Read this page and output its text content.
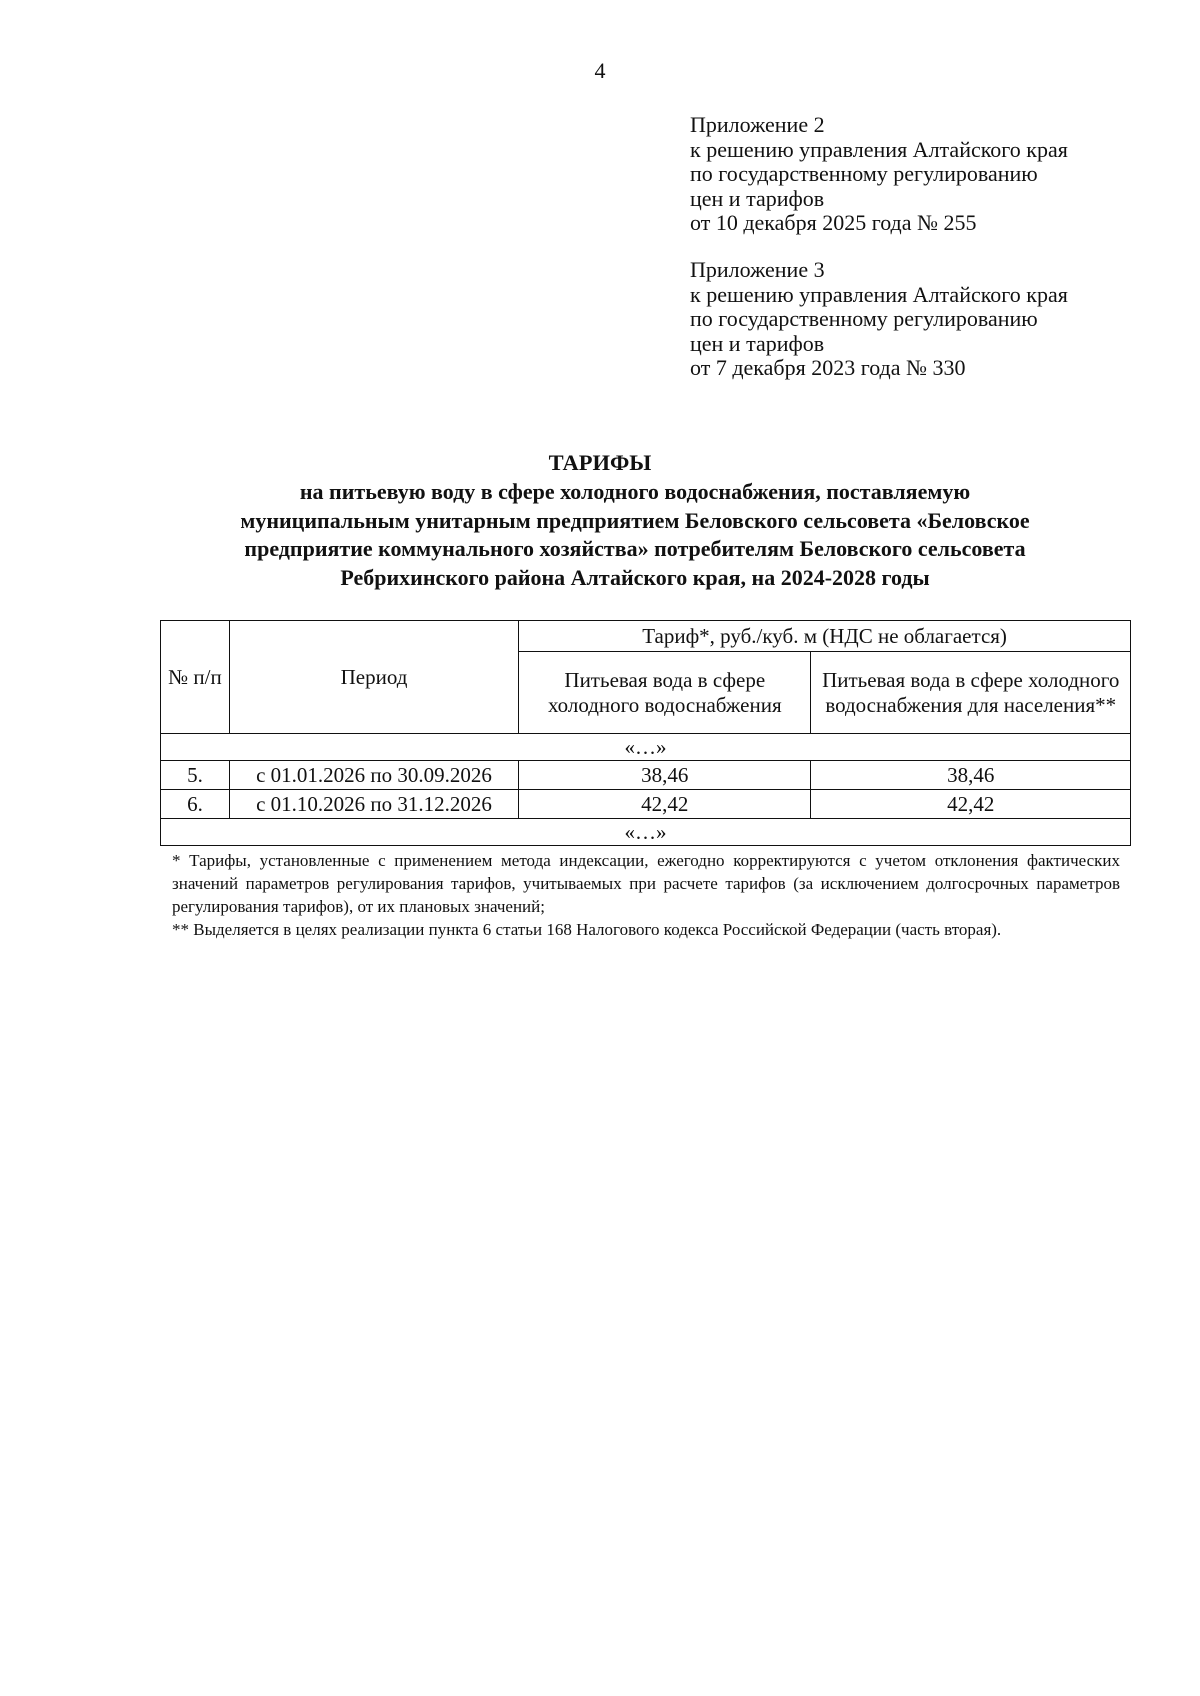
4
Приложение 2
к решению управления Алтайского края
по государственному регулированию
цен и тарифов
от 10 декабря 2025 года № 255
Приложение 3
к решению управления Алтайского края
по государственному регулированию
цен и тарифов
от 7 декабря 2023 года № 330
ТАРИФЫ
на питьевую воду в сфере холодного водоснабжения, поставляемую
муниципальным унитарным предприятием Беловского сельсовета «Беловское
предприятие коммунального хозяйства» потребителям Беловского сельсовета
Ребрихинского района Алтайского края, на 2024-2028 годы
№ п/п	Период	Тариф*, руб./куб. м (НДС не облагается)	
		Питьевая вода в сфере холодного водоснабжения	Питьевая вода в сфере холодного водоснабжения для населения**
«…»			
5.	с 01.01.2026 по 30.09.2026	38,46	38,46
6.	с 01.10.2026 по 31.12.2026	42,42	42,42
«…»			

* Тарифы, установленные с применением метода индексации, ежегодно корректируются с учетом отклонения фактических значений параметров регулирования тарифов, учитываемых при расчете тарифов (за исключением долгосрочных параметров регулирования тарифов), от их плановых значений;

** Выделяется в целях реализации пункта 6 статьи 168 Налогового кодекса Российской Федерации (часть вторая).
